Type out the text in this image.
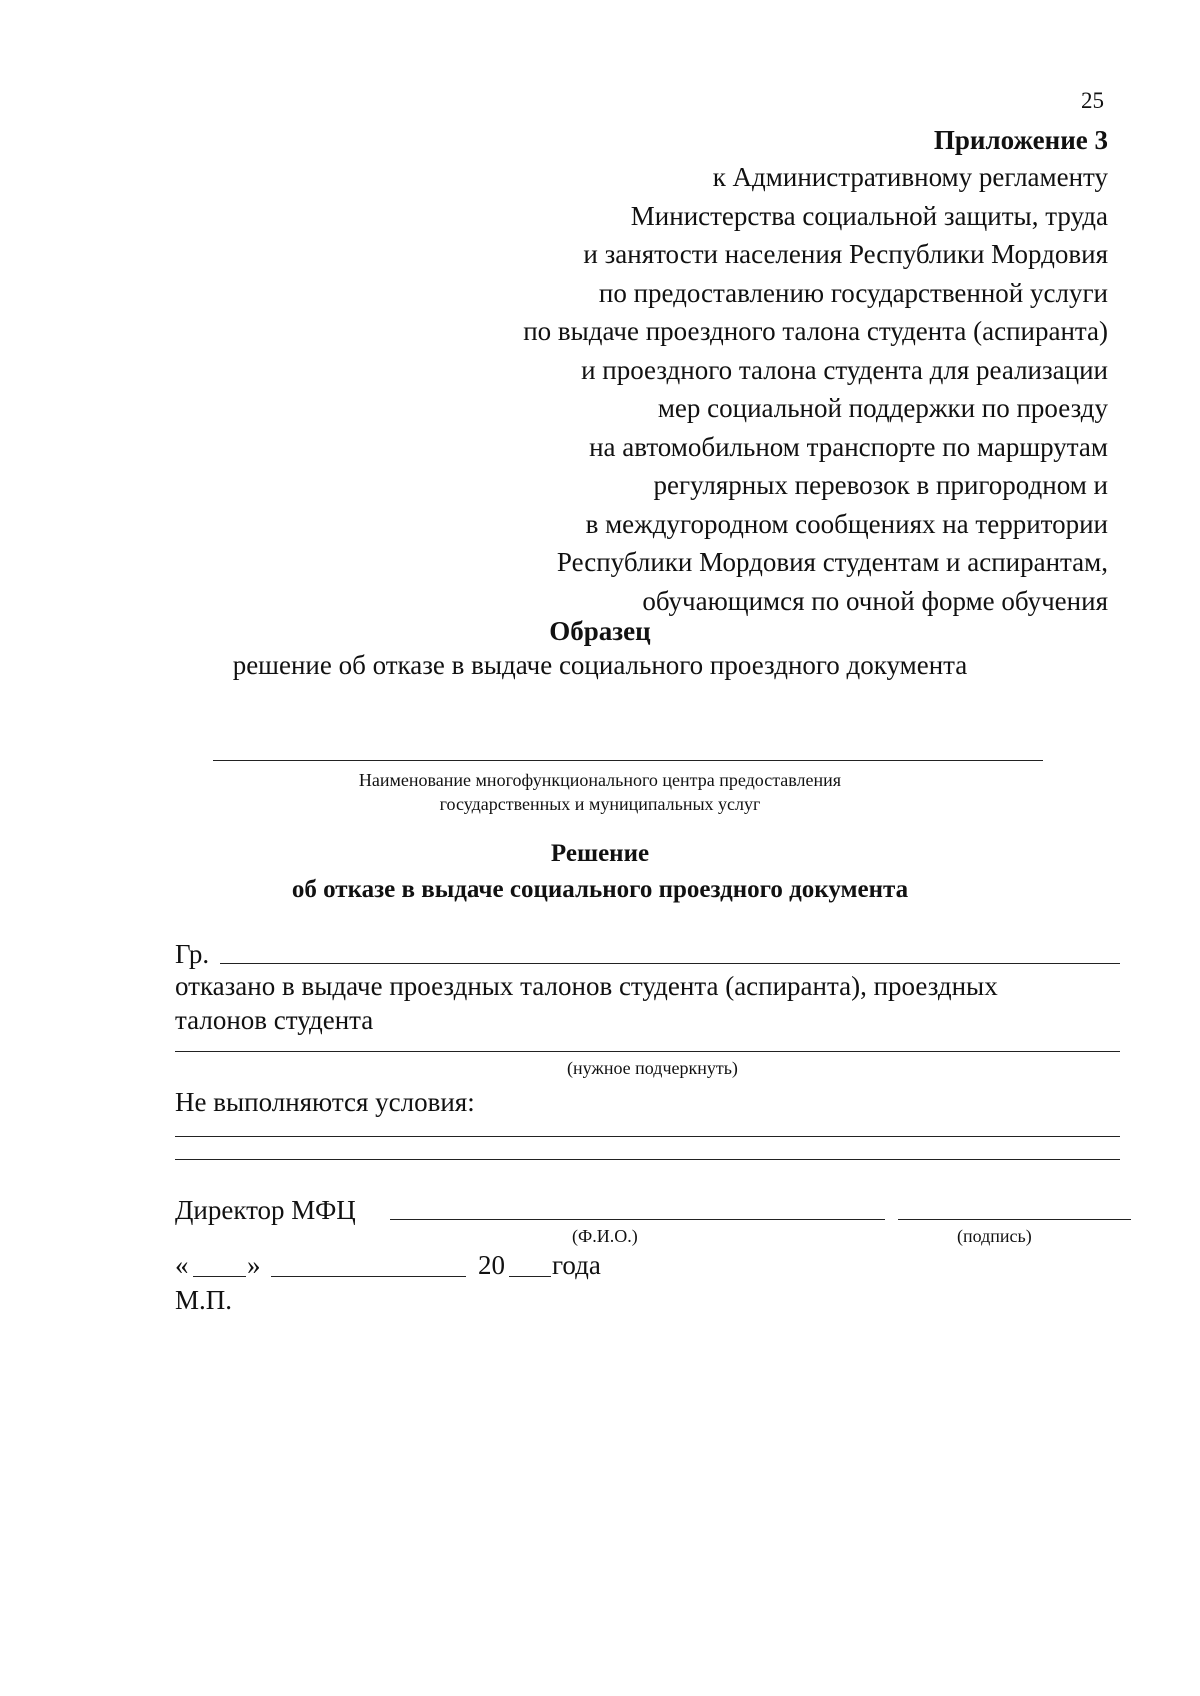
25
Приложение 3
к Административному регламенту
Министерства социальной защиты, труда
и занятости населения Республики Мордовия
по предоставлению государственной услуги
по выдаче проездного талона студента (аспиранта)
и проездного талона студента для реализации
мер социальной поддержки по проезду
на автомобильном транспорте по маршрутам
регулярных перевозок в пригородном и
в междугородном сообщениях на территории
Республики Мордовия студентам и аспирантам,
обучающимся по очной форме обучения
Образец
решение об отказе в выдаче социального проездного документа
Наименование многофункционального центра предоставления
государственных и муниципальных услуг
Решение
об отказе в выдаче социального проездного документа
Гр.
отказано в выдаче проездных талонов студента (аспиранта), проездных
талонов студента
(нужное подчеркнуть)
Не выполняются условия:
Директор МФЦ
(Ф.И.О.)	(подпись)
« »	20 года
М.П.
